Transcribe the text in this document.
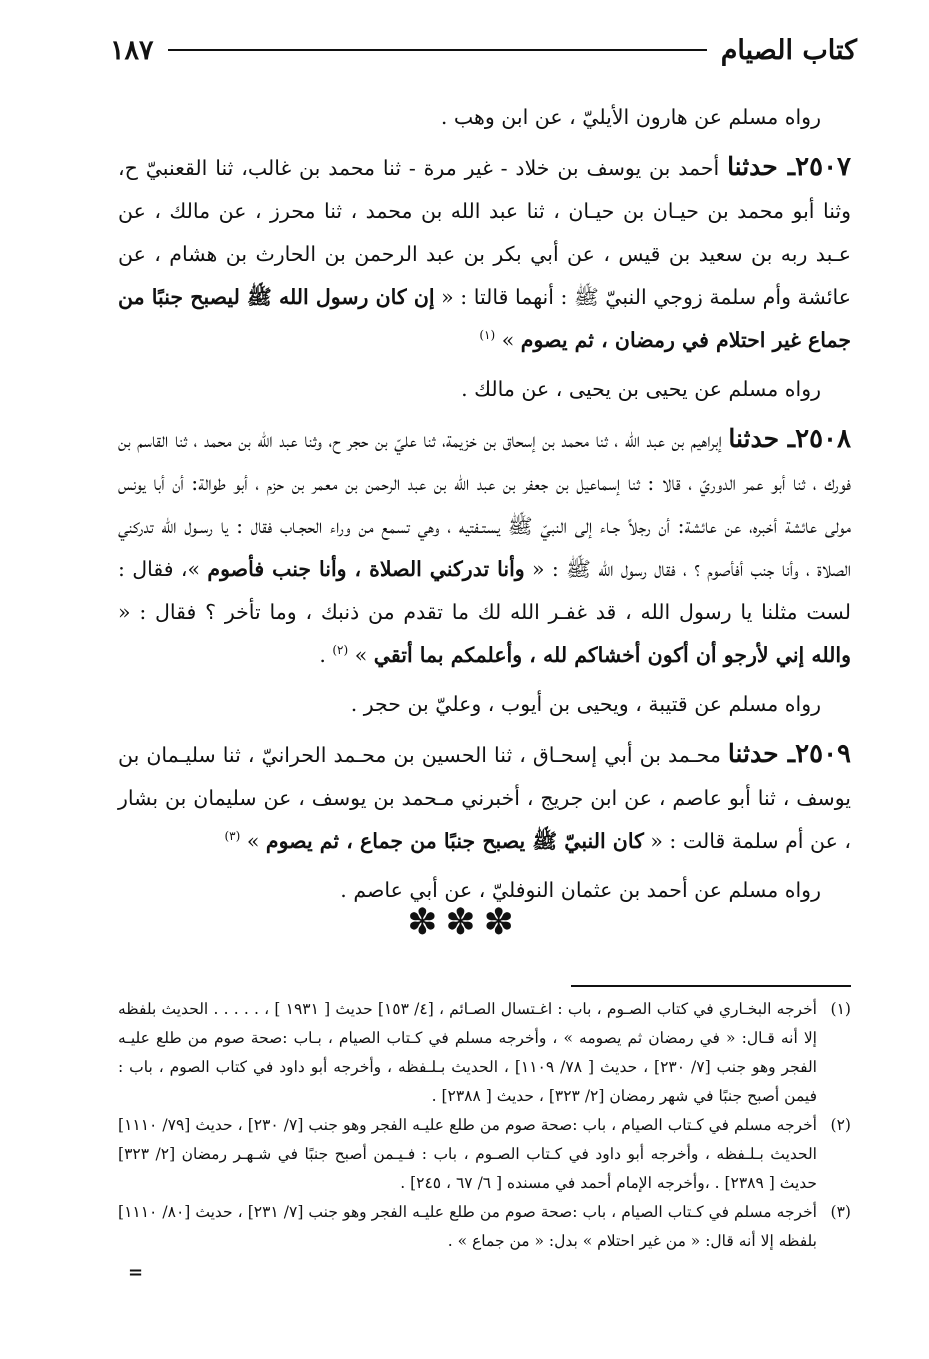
كتاب الصيام
١٨٧

رواه مسلم عن هارون الأيليّ ، عن ابن وهب .

٢٥٠٧ـ حدثنا أحمد بن يوسف بن خلاد - غير مرة - ثنا محمد بن غالب، ثنا القعنبيّ ح، وثنا أبو محمد بن حيـان بن حيـان ، ثنا عبد الله بن محمد ، ثنا محرز ، عن مالك ، عن عـبد ربه بن سعيد بن قيس ، عن أبي بكر بن عبد الرحمن بن الحارث بن هشام ، عن عائشة وأم سلمة زوجي النبيّ ﷺ : أنهما قالتا : « إن كان رسول الله ﷺ ليصبح جنبًا من جماع غير احتلام في رمضان ، ثم يصوم » $^{(١)}$

رواه مسلم عن يحيى بن يحيى ، عن مالك .

٢٥٠٨ـ حدثنا إبراهيم بن عبد الله ، ثنا محمد بن إسحاق بن خزيمة، ثنا عليّ بن حجر ح، وثنا عبد الله بن محمد ، ثنا القاسم بن فورك ، ثنا أبو عمر الدوريّ ، قالا : ثنا إسماعيل بن جعفر بن عبد الله بن عبد الرحمن بن معمر بن حزم ، أبو طوالة: أن أبا يونس مولى عائشة أخبره، عن عائشة: أن رجلاً جـاء إلى النبيّ ﷺ يستـفتيه ، وهي تسمع من وراء الحجـاب فقال : يا رسـول الله تدركني الصلاة ، وأنا جنب أفأصوم ؟ ، فقال رسول الله ﷺ : « وأنا تدركني الصلاة ، وأنا جنب فأصوم »، فقال : لست مثلنا يا رسول الله ، قد غفـر الله لك ما تقدم من ذنبك ، وما تأخر ؟ فقال : « والله إني لأرجو أن أكون أخشاكم لله ، وأعلمكم بما أتقي » $^{(٢)}$ .

رواه مسلم عن قتيبة ، ويحيى بن أيوب ، وعليّ بن حجر .

٢٥٠٩ـ حدثنا محـمد بن أبي إسحـاق ، ثنا الحسين بن محـمد الحرانيّ ، ثنا سليـمان بن يوسف ، ثنا أبو عاصم ، عن ابن جريج ، أخبرني مـحمد بن يوسف ، عن سليمان بن بشار ، عن أم سلمة قالت : « كان النبيّ ﷺ يصبح جنبًا من جماع ، ثم يصوم » $^{(٣)}$

رواه مسلم عن أحمد بن عثمان النوفليّ ، عن أبي عاصم .

✽✽✽

(١)أخرجه البخـاري في كتاب الصـوم ، باب : اغـتسال الصـائم ، [٤/ ١٥٣] حديث [ ١٩٣١ ] ، . . . . . الحديث بلفظه إلا أنه قـال: « في رمضان ثم يصومه » ، وأخرجه مسلم في كـتاب الصيام ، بـاب :صحة صوم من طلع عليـه الفجر وهو جنب [٧/ ٢٣٠] ، حديث [ ٧٨/ ١١٠٩] ، الحديث بـلـفظه ، وأخرجه أبو داود في كتاب الصوم ، باب : فيمن أصبح جنبًا في شهر رمضان [٢/ ٣٢٣] ، حديث [ ٢٣٨٨] .

(٢)أخرجه مسلم في كـتاب الصيام ، باب :صحة صوم من طلع عليـه الفجر وهو جنب [٧/ ٢٣٠] ، حديث [٧٩/ ١١١٠] الحديث بـلـفظه ، وأخرجه أبو داود في كـتاب الصـوم ، باب : فـيـمن أصبح جنبًا في شـهـر رمضان [٢/ ٣٢٣] حديث [ ٢٣٨٩] . ،وأخرجه الإمام أحمد في مسنده [ ٦/ ٦٧ ، ٢٤٥] .

(٣)أخرجه مسلم في كـتاب الصيام ، باب :صحة صوم من طلع عليـه الفجر وهو جنب [٧/ ٢٣١] ، حديث [٨٠/ ١١١٠] بلفظه إلا أنه قال: « من غير احتلام » بدل: « من جماع » .

=
